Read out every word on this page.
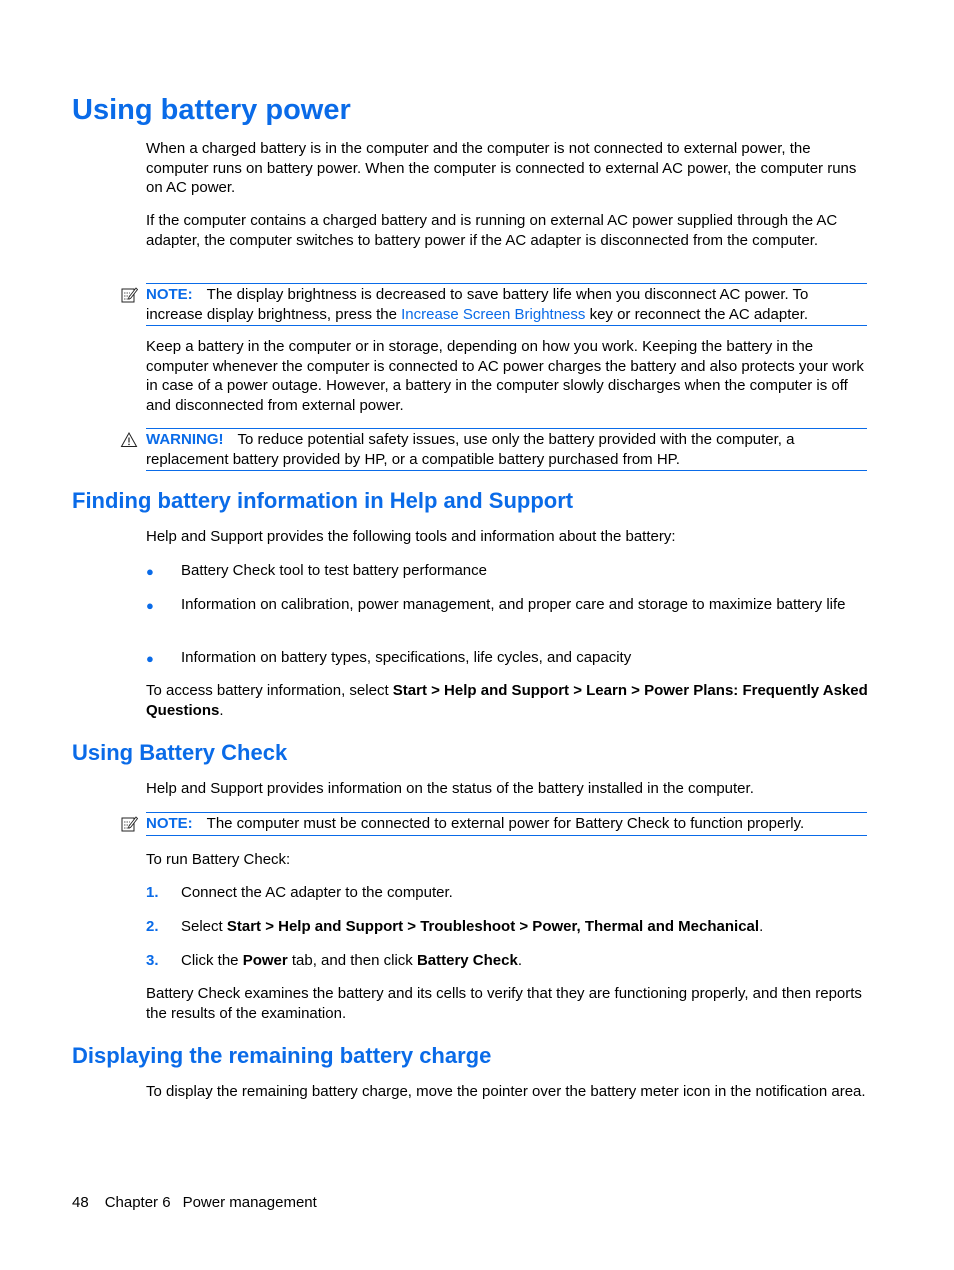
Using battery power

When a charged battery is in the computer and the computer is not connected to external power, the computer runs on battery power. When the computer is connected to external AC power, the computer runs on AC power.

If the computer contains a charged battery and is running on external AC power supplied through the AC adapter, the computer switches to battery power if the AC adapter is disconnected from the computer.

NOTE: The display brightness is decreased to save battery life when you disconnect AC power. To increase display brightness, press the Increase Screen Brightness key or reconnect the AC adapter.

Keep a battery in the computer or in storage, depending on how you work. Keeping the battery in the computer whenever the computer is connected to AC power charges the battery and also protects your work in case of a power outage. However, a battery in the computer slowly discharges when the computer is off and disconnected from external power.

WARNING! To reduce potential safety issues, use only the battery provided with the computer, a replacement battery provided by HP, or a compatible battery purchased from HP.
Finding battery information in Help and Support

Help and Support provides the following tools and information about the battery:

● Battery Check tool to test battery performance

● Information on calibration, power management, and proper care and storage to maximize battery life

● Information on battery types, specifications, life cycles, and capacity

To access battery information, select Start > Help and Support > Learn > Power Plans: Frequently Asked Questions.

Using Battery Check

Help and Support provides information on the status of the battery installed in the computer.

NOTE: The computer must be connected to external power for Battery Check to function properly.

To run Battery Check:

1. Connect the AC adapter to the computer.

2. Select Start > Help and Support > Troubleshoot > Power, Thermal and Mechanical.

3. Click the Power tab, and then click Battery Check.

Battery Check examines the battery and its cells to verify that they are functioning properly, and then reports the results of the examination.

Displaying the remaining battery charge

To display the remaining battery charge, move the pointer over the battery meter icon in the notification area.

48 Chapter 6 Power management
